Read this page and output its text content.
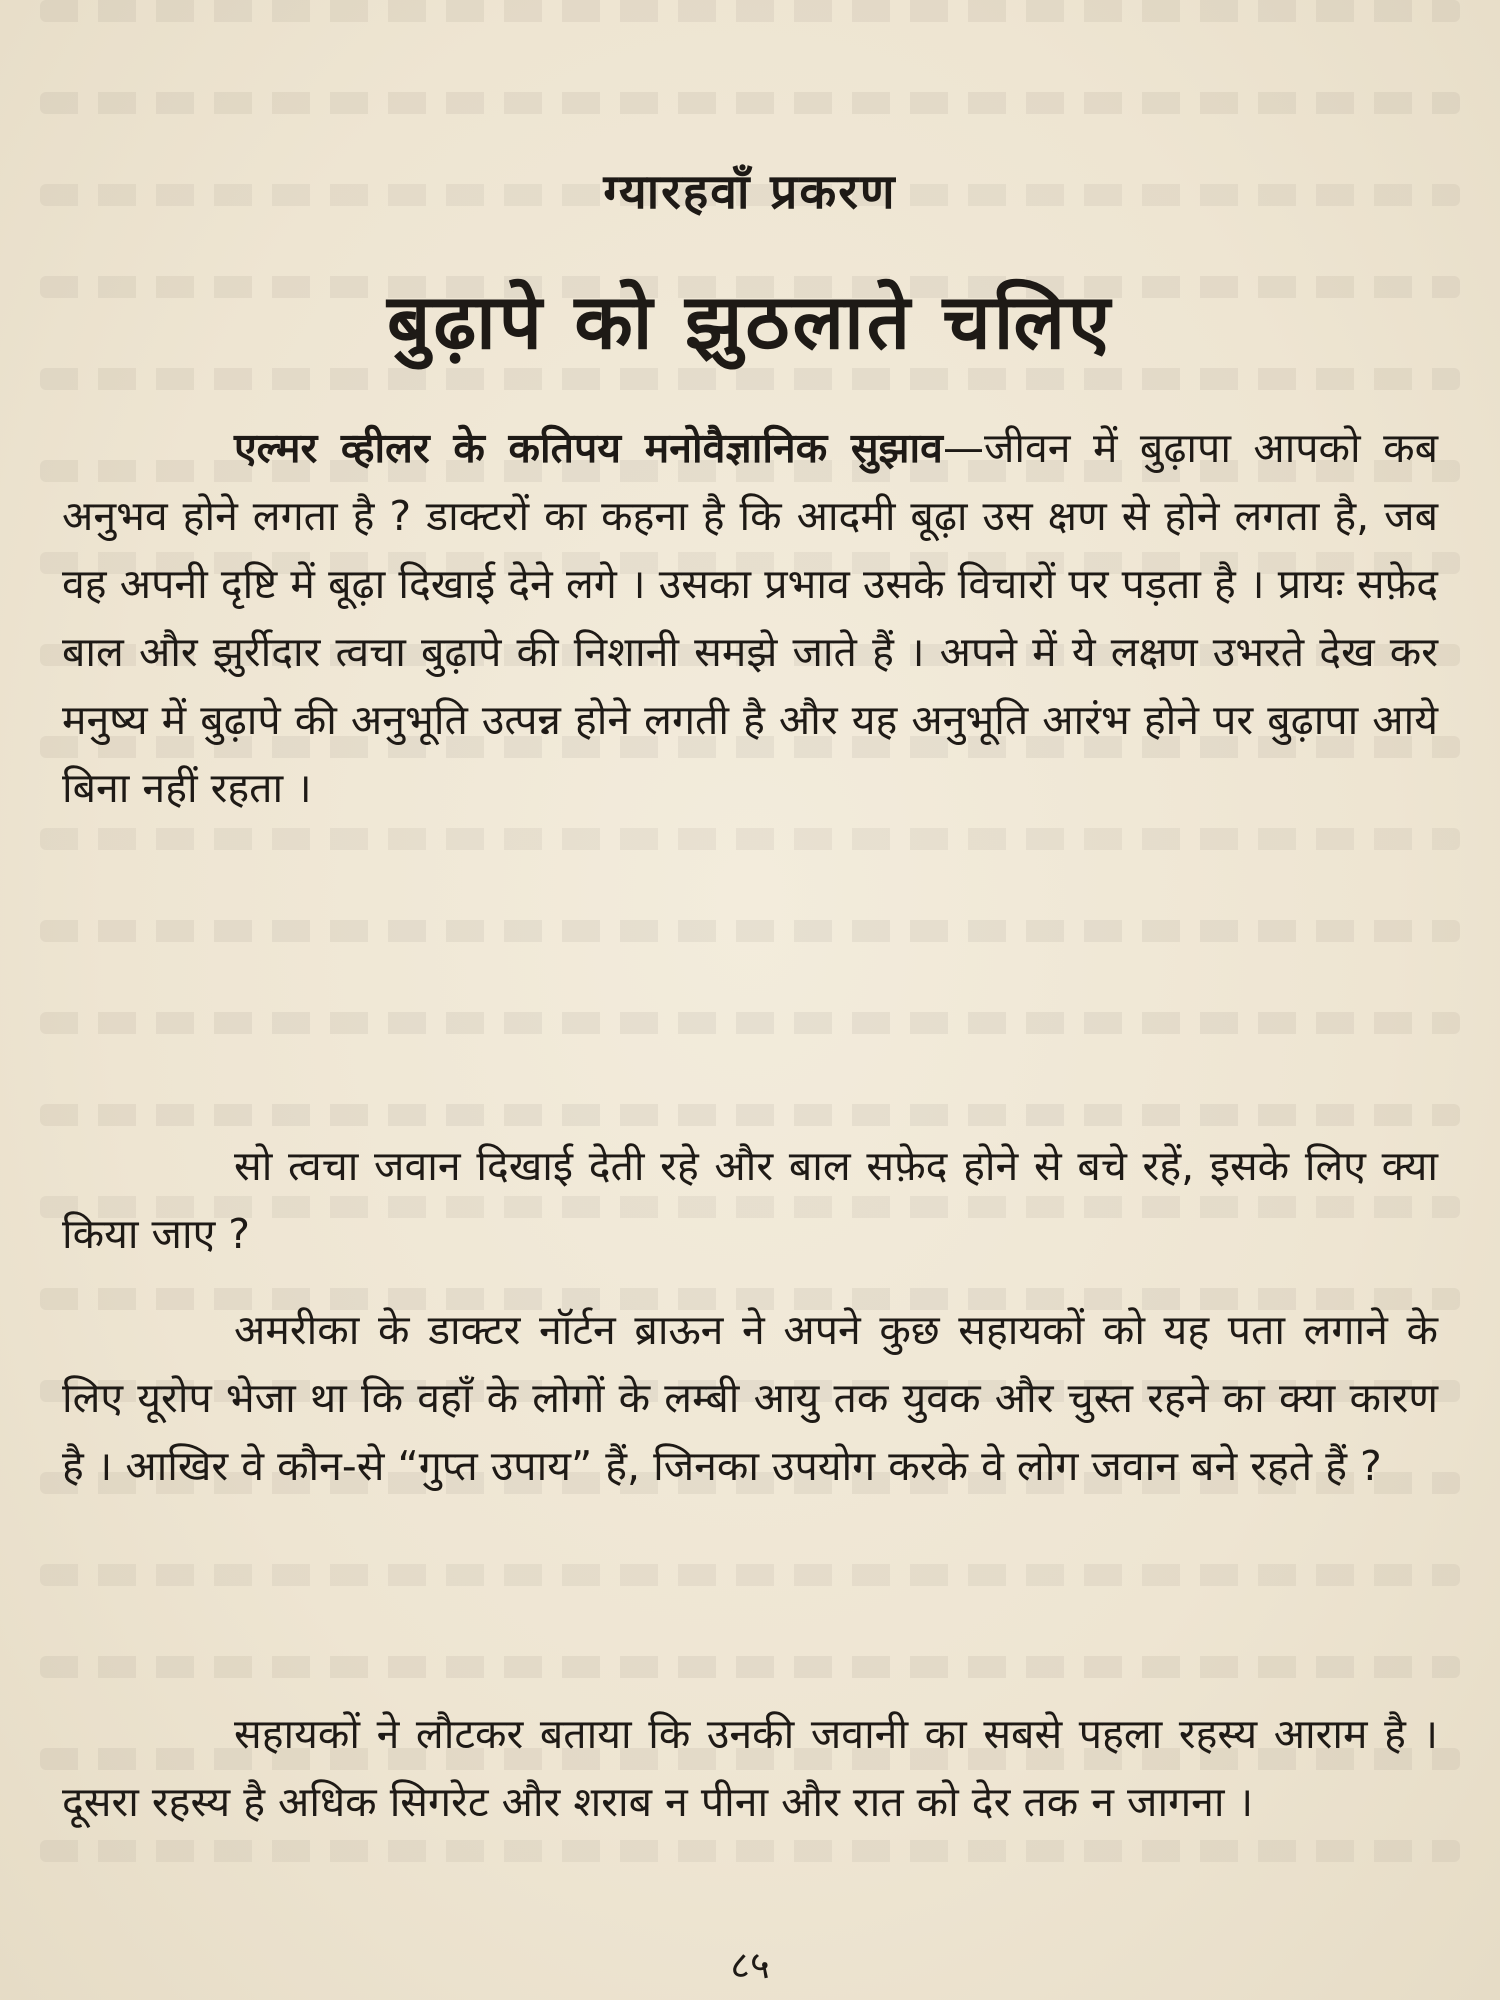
ग्यारहवाँ प्रकरण
बुढ़ापे को झुठलाते चलिए
एल्मर व्हीलर के कतिपय मनोवैज्ञानिक सुझाव—जीवन में बुढ़ापा आपको कब अनुभव होने लगता है ? डाक्टरों का कहना है कि आदमी बूढ़ा उस क्षण से होने लगता है, जब वह अपनी दृष्टि में बूढ़ा दिखाई देने लगे । उसका प्रभाव उसके विचारों पर पड़ता है । प्रायः सफ़ेद बाल और झुर्रीदार त्वचा बुढ़ापे की निशानी समझे जाते हैं । अपने में ये लक्षण उभरते देख कर मनुष्य में बुढ़ापे की अनुभूति उत्पन्न होने लगती है और यह अनुभूति आरंभ होने पर बुढ़ापा आये बिना नहीं रहता ।
सो त्वचा जवान दिखाई देती रहे और बाल सफ़ेद होने से बचे रहें, इसके लिए क्या किया जाए ?
अमरीका के डाक्टर नॉर्टन ब्राऊन ने अपने कुछ सहायकों को यह पता लगाने के लिए यूरोप भेजा था कि वहाँ के लोगों के लम्बी आयु तक युवक और चुस्त रहने का क्या कारण है । आखिर वे कौन-से “गुप्त उपाय” हैं, जिनका उपयोग करके वे लोग जवान बने रहते हैं ?
सहायकों ने लौटकर बताया कि उनकी जवानी का सबसे पहला रहस्य आराम है । दूसरा रहस्य है अधिक सिगरेट और शराब न पीना और रात को देर तक न जागना ।
८५
